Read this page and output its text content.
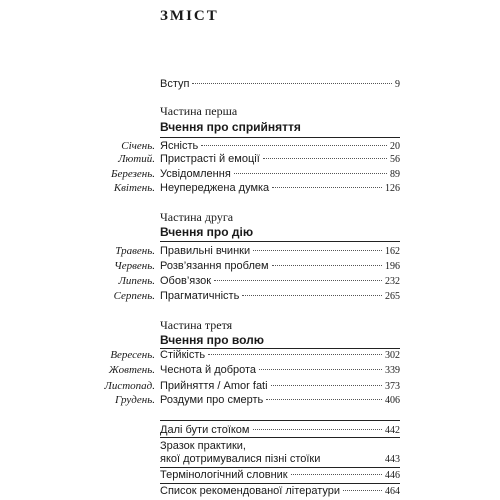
ЗМІСТ
Вступ	9
Частина перша
Вчення про сприйняття
Січень. Ясність	20
Лютий. Пристрасті й емоції	56
Березень. Усвідомлення	89
Квітень. Неупереджена думка	126
Частина друга
Вчення про дію
Травень. Правильні вчинки	162
Червень. Розв’язання проблем	196
Липень. Обов’язок	232
Серпень. Прагматичність	265
Частина третя
Вчення про волю
Вересень. Стійкість	302
Жовтень. Чеснота й доброта	339
Листопад. Прийняття / Amor fati	373
Грудень. Роздуми про смерть	406
Далі бути стоїком	442
Зразок практики,
якої дотримувалися пізні стоїки	443
Термінологічний словник	446
Список рекомендованої літератури	464
